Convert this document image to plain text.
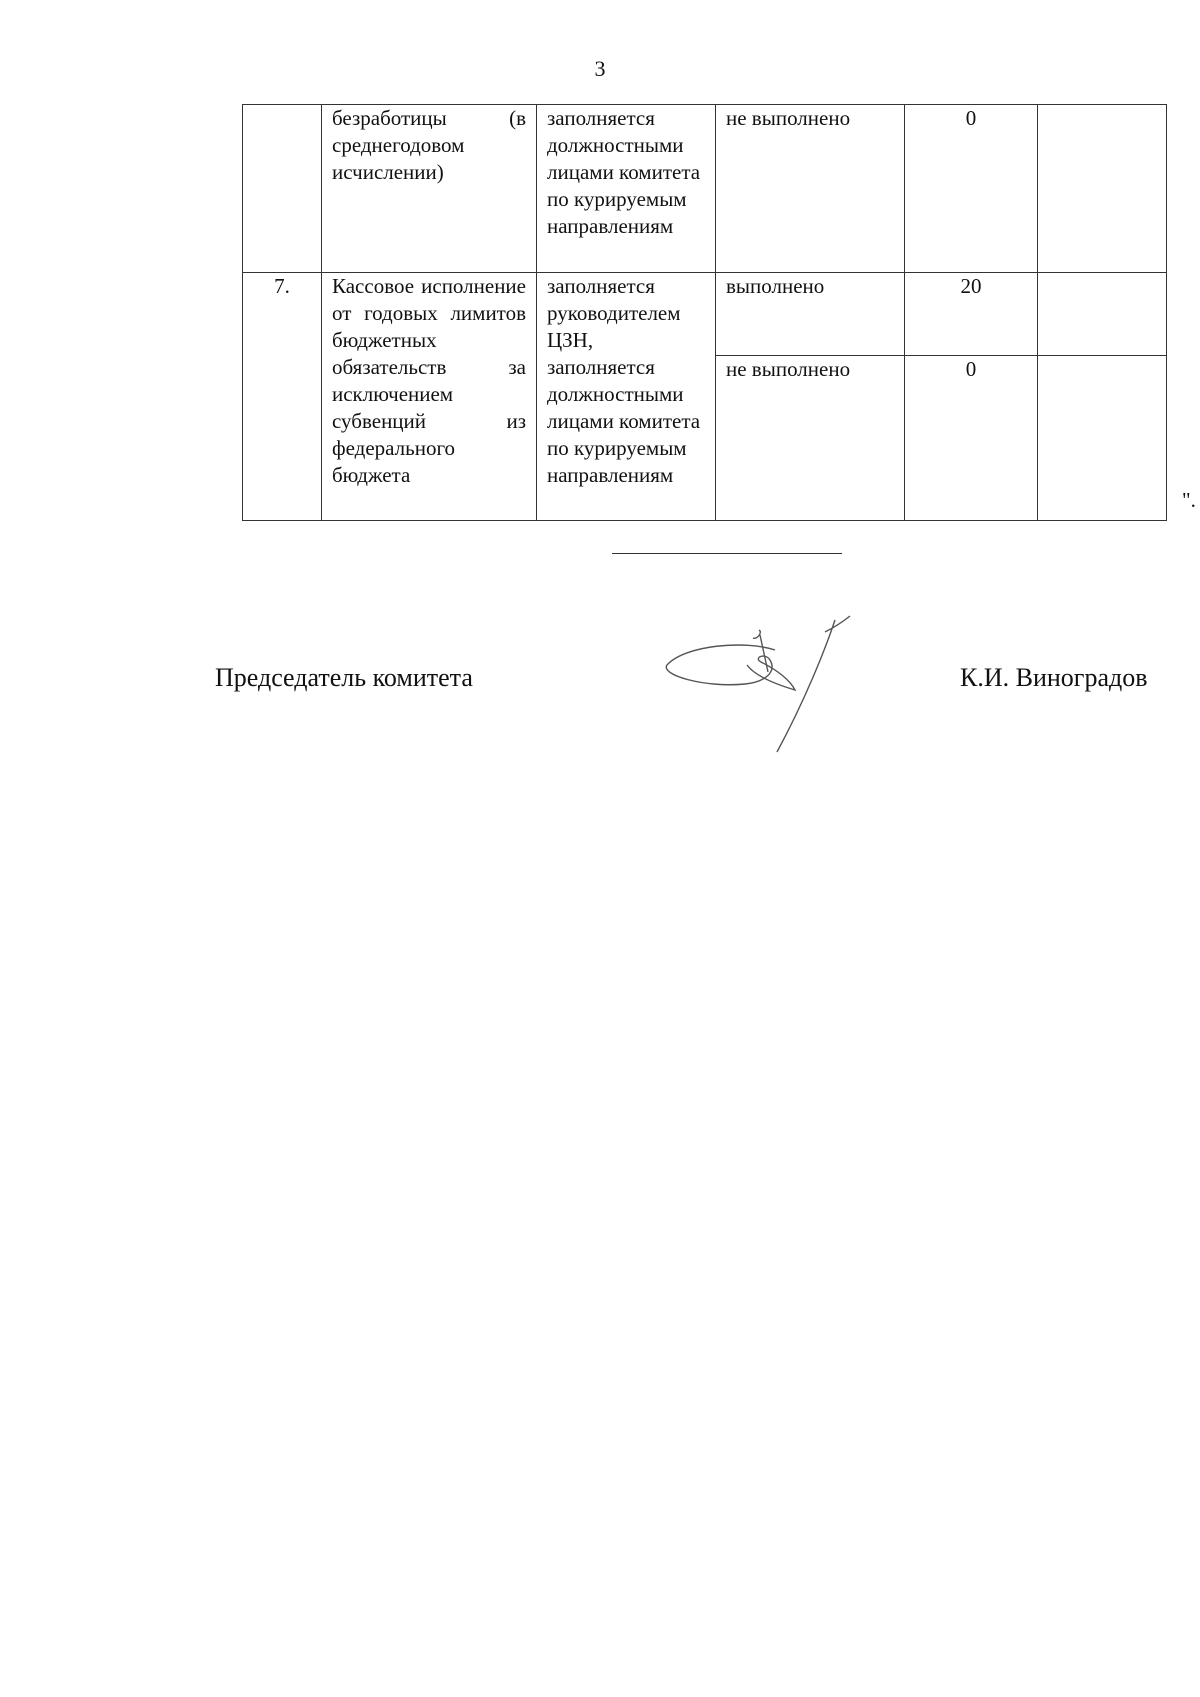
3
	безработицы (в среднегодовом исчислении)	заполняется должностными лицами комитета по курируемым направлениям	не выполнено	0	
7.	Кассовое исполнение от годовых лимитов бюджетных обязательств за исключением субвенций из федерального бюджета	заполняется руководителем ЦЗН, заполняется должностными лицами комитета по курируемым направлениям	выполнено	20	
			не выполнено	0	
".
Председатель комитета	К.И. Виноградов
